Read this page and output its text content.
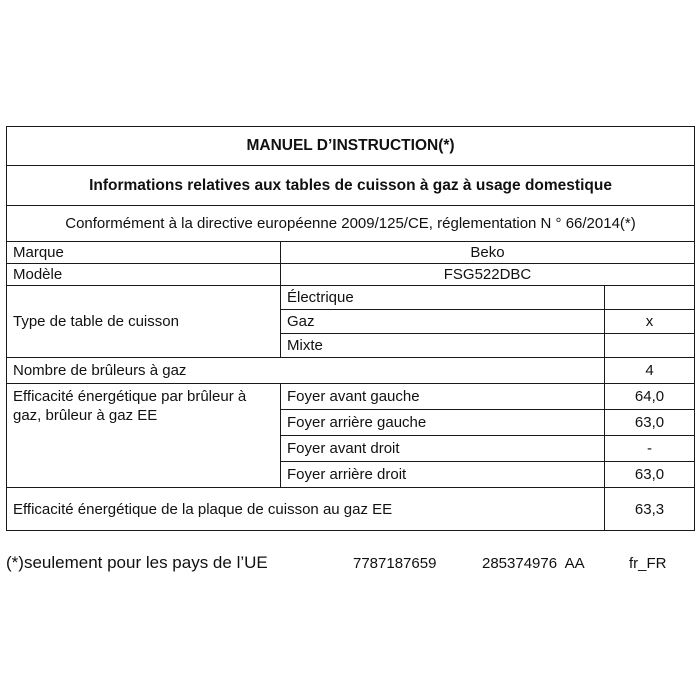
MANUEL D’INSTRUCTION(*)		
Informations relatives aux tables de cuisson à gaz à usage domestique		
Conformément à la directive européenne 2009/125/CE, réglementation N ° 66/2014(*)		
Marque	Beko	
Modèle	FSG522DBC	
Type de table de cuisson	Électrique	
	Gaz	x
	Mixte	
Nombre de brûleurs à gaz		4
Efficacité énergétique par brûleur à gaz, brûleur à gaz EE	Foyer avant gauche	64,0
	Foyer arrière gauche	63,0
	Foyer avant droit	-
	Foyer arrière droit	63,0
Efficacité énergétique de la plaque de cuisson au gaz EE		63,3
(*)seulement pour les pays de l’UE	7787187659	285374976  AA	fr_FR
